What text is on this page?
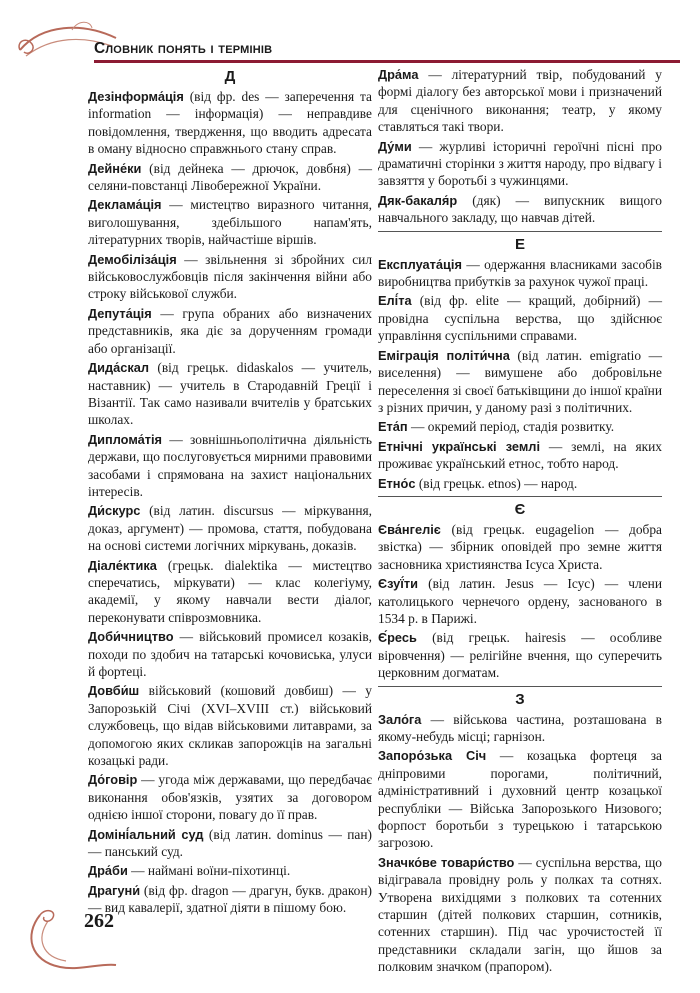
Словник понять і термінів
Д
Дезінформа́ція (від фр. des — заперечення та information — інформація) — неправдиве повідомлення, твердження, що вводить адресата в оману відносно справжнього стану справ.
Дейне́ки (від дейнека — дрючок, довбня) — селяни-повстанці Лівобережної України.
Деклама́ція — мистецтво виразного читання, виголошування, здебільшого напам'ять, літературних творів, найчастіше віршів.
Демобіліза́ція — звільнення зі збройних сил військовослужбовців після закінчення війни або строку військової служби.
Депута́ція — група обраних або визначених представників, яка діє за дорученням громади або організації.
Дида́скал (від грецьк. didaskalos — учитель, наставник) — учитель в Стародавній Греції і Візантії. Так само називали вчителів у братських школах.
Диплома́тія — зовнішньополітична діяльність держави, що послуговується мирними правовими засобами і спрямована на захист національних інтересів.
Ди́скурс (від латин. discursus — міркування, доказ, аргумент) — промова, стаття, побудована на основі системи логічних міркувань, доказів.
Діале́ктика (грецьк. dialektika — мистецтво сперечатись, міркувати) — клас колегіуму, академії, у якому навчали вести діалог, переконувати співрозмовника.
Доби́чництво — військовий промисел козаків, походи по здобич на татарські кочовиська, улуси й фортеці.
Довби́ш військовий (кошовий довбиш) — у Запорозькій Січі (XVI–XVIII ст.) військовий службовець, що відав військовими литаврами, за допомогою яких скликав запорожців на загальні козацькі ради.
До́говір — угода між державами, що передбачає виконання обов'язків, узятих за договором однією іншої сторони, повагу до її прав.
Доміні́альний суд (від латин. dominus — пан) — панський суд.
Дра́би — наймані воїни-піхотинці.
Драгуни́ (від фр. dragon — драгун, букв. дракон) — вид кавалерії, здатної діяти в пішому бою.
Дра́ма — літературний твір, побудований у формі діалогу без авторської мови і призначений для сценічного виконання; театр, у якому ставляться такі твори.
Ду́ми — журливі історичні героїчні пісні про драматичні сторінки з життя народу, про відвагу і завзяття у боротьбі з чужинцями.
Дяк-бакаля́р (дяк) — випускник вищого навчального закладу, що навчав дітей.
Е
Експлуата́ція — одержання власниками засобів виробництва прибутків за рахунок чужої праці.
Елі́та (від фр. elite — кращий, добірний) — провідна суспільна верства, що здійснює управління суспільними справами.
Еміграція політи́чна (від латин. emigratio — виселення) — вимушене або добровільне переселення зі своєї батьківщини до іншої країни з різних причин, у даному разі з політичних.
Ета́п — окремий період, стадія розвитку.
Етнічні українські землі — землі, на яких проживає український етнос, тобто народ.
Етно́с (від грецьк. etnos) — народ.
Є
Єва́нгеліє (від грецьк. eugagelion — добра звістка) — збірник оповідей про земне життя засновника християнства Ісуса Христа.
Єзуї́ти (від латин. Jesus — Ісус) — члени католицького чернечого ордену, заснованого в 1534 р. в Парижі.
Є́ресь (від грецьк. hairesis — особливе віровчення) — релігійне вчення, що суперечить церковним догматам.
З
Зало́га — військова частина, розташована в якому-небудь місці; гарнізон.
Запоро́зька Січ — козацька фортеця за дніпровими порогами, політичний, адміністративний і духовний центр козацької республіки — Війська Запорозького Низового; форпост боротьби з турецькою і татарською загрозою.
Значко́ве товари́ство — суспільна верства, що відігравала провідну роль у полках та сотнях. Утворена вихідцями з полкових та сотенних старшин (дітей полкових старшин, сотників, сотенних старшин). Під час урочистостей її представники складали загін, що йшов за полковим значком (прапором).
262
